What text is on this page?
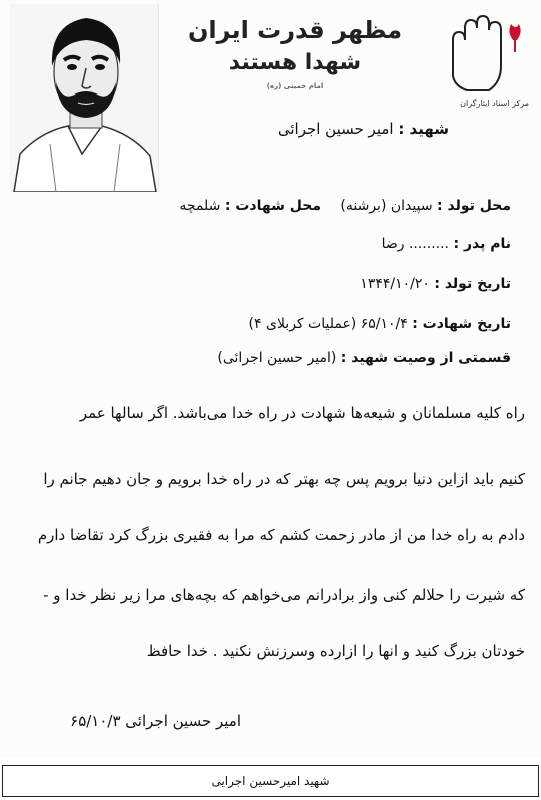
مظهر قدرت ایران
شهدا هستند
امام خمینی (ره)
مرکز اسناد ایثارگران
شهید : امیر حسین اجرائی
محل تولد : سپیدان (برشنه)
محل شهادت : شلمچه
نام پدر : ......... رضا
تاریخ تولد : ۱۳۴۴/۱۰/۲۰
تاریخ شهادت : ۶۵/۱۰/۴ (عملیات کربلای ۴)
قسمتی از وصیت شهید : (امیر حسین اجرائی)
راه کلیه مسلمانان و شیعه‌ها شهادت در راه خدا می‌باشد. اگر سالها عمر
کنیم باید ازاین دنیا برویم پس چه بهتر که در راه خدا برویم و جان دهیم جانم را
دادم به راه خدا من از مادر زحمت کشم که مرا به فقیری بزرگ کرد تقاضا دارم
که شیرت را حلالم کنی واز برادرانم می‌خواهم که بچه‌های مرا زیر نظر خدا و -
خودتان بزرگ کنید و انها را ازارده وسرزنش نکنید . خدا حافظ
امیر حسین اجرائی ۶۵/۱۰/۳
شهید امیرحسین اجرایی
